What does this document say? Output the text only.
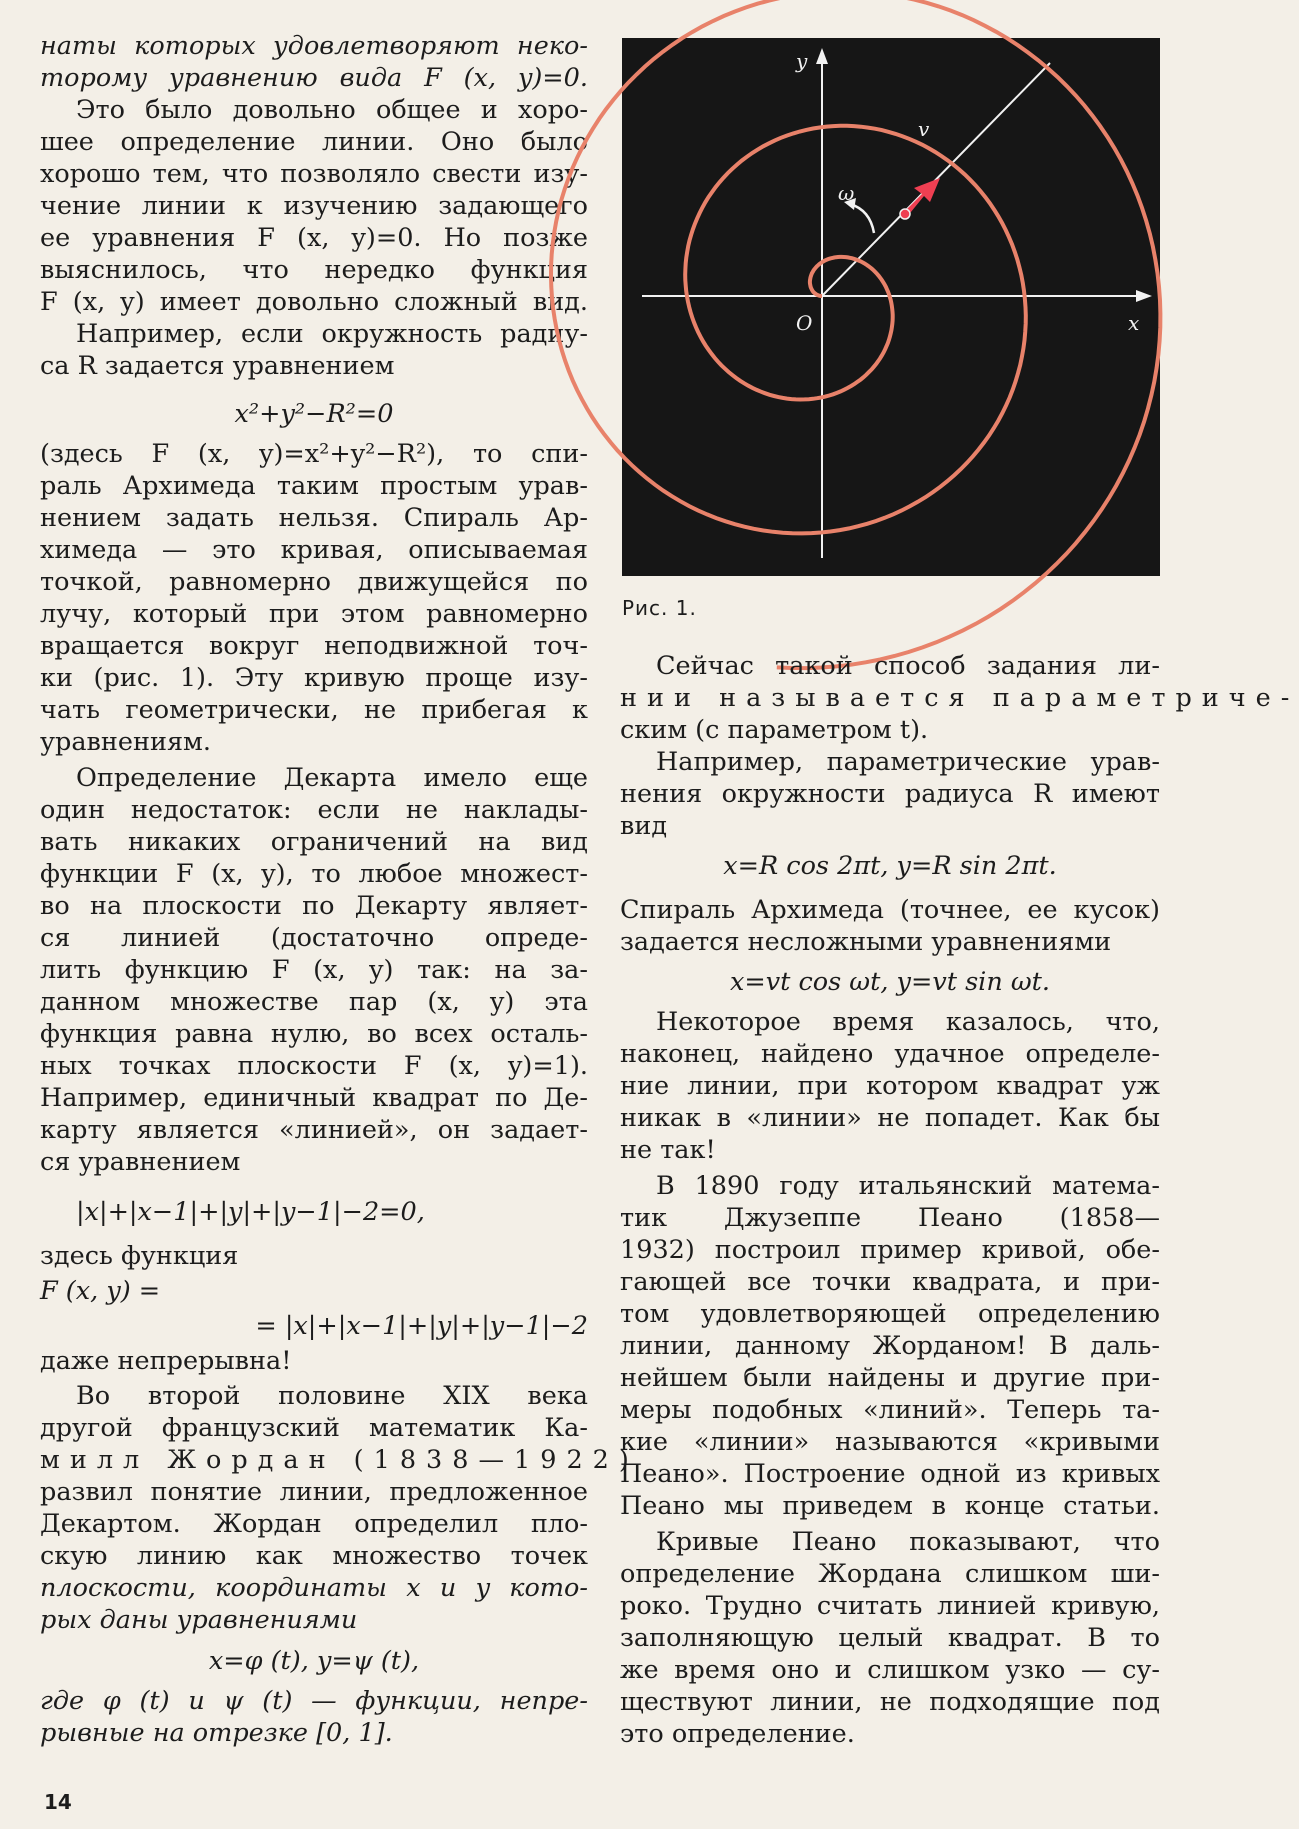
наты которых удовлетворяют неко-
торому уравнению вида F (x, y)=0.
Это было довольно общее и хоро-
шее определение линии. Оно было
хорошо тем, что позволяло свести изу-
чение линии к изучению задающего
ее уравнения F (x, y)=0. Но позже
выяснилось, что нередко функция
F (x, y) имеет довольно сложный вид.
Например, если окружность радиу-
са R задается уравнением
x²+y²−R²=0
(здесь F (x, y)=x²+y²−R²), то спи-
раль Архимеда таким простым урав-
нением задать нельзя. Спираль Ар-
химеда — это кривая, описываемая
точкой, равномерно движущейся по
лучу, который при этом равномерно
вращается вокруг неподвижной точ-
ки (рис. 1). Эту кривую проще изу-
чать геометрически, не прибегая к
уравнениям.
Определение Декарта имело еще
один недостаток: если не наклады-
вать никаких ограничений на вид
функции F (x, y), то любое множест-
во на плоскости по Декарту являет-
ся линией (достаточно опреде-
лить функцию F (x, y) так: на за-
данном множестве пар (x, y) эта
функция равна нулю, во всех осталь-
ных точках плоскости F (x, y)=1).
Например, единичный квадрат по Де-
карту является «линией», он задает-
ся уравнением
|x|+|x−1|+|y|+|y−1|−2=0,
здесь функция
F (x, y) =
= |x|+|x−1|+|y|+|y−1|−2
даже непрерывна!
Во второй половине XIX века
другой французский математик Ка-
милл Жордан (1838—1922)
развил понятие линии, предложенное
Декартом. Жордан определил пло-
скую линию как множество точек
плоскости, координаты x и y кото-
рых даны уравнениями
x=φ (t), y=ψ (t),
где φ (t) и ψ (t) — функции, непре-
рывные на отрезке [0, 1].
y
x
O
v
ω
Рис. 1.
Сейчас такой способ задания ли-
нии называется параметриче-
ским (с параметром t).
Например, параметрические урав-
нения окружности радиуса R имеют
вид
x=R cos 2πt, y=R sin 2πt.
Спираль Архимеда (точнее, ее кусок)
задается несложными уравнениями
x=vt cos ωt, y=vt sin ωt.
Некоторое время казалось, что,
наконец, найдено удачное определе-
ние линии, при котором квадрат уж
никак в «линии» не попадет. Как бы
не так!
В 1890 году итальянский матема-
тик Джузеппе Пеано (1858—
1932) построил пример кривой, обе-
гающей все точки квадрата, и при-
том удовлетворяющей определению
линии, данному Жорданом! В даль-
нейшем были найдены и другие при-
меры подобных «линий». Теперь та-
кие «линии» называются «кривыми
Пеано». Построение одной из кривых
Пеано мы приведем в конце статьи.
Кривые Пеано показывают, что
определение Жордана слишком ши-
роко. Трудно считать линией кривую,
заполняющую целый квадрат. В то
же время оно и слишком узко — су-
ществуют линии, не подходящие под
это определение.
14
